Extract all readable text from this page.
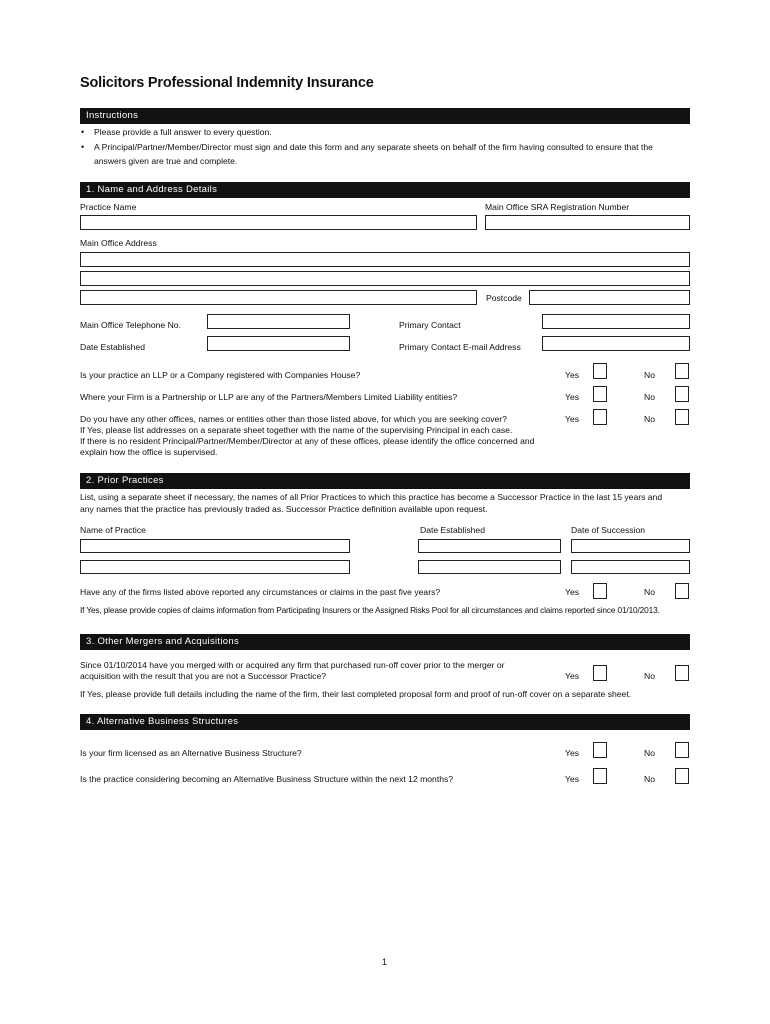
Solicitors Professional Indemnity Insurance
Instructions
• Please provide a full answer to every question.
• A Principal/Partner/Member/Director must sign and date this form and any separate sheets on behalf of the firm having consulted to ensure that the
answers given are true and complete.
1. Name and Address Details
Practice Name	Main Office SRA Registration Number
Main Office Address
Postcode
Main Office Telephone No.	Primary Contact
Date Established	Primary Contact E-mail Address
Is your practice an LLP or a Company registered with Companies House?	Yes	No
Where your Firm is a Partnership or LLP are any of the Partners/Members Limited Liability entities?	Yes	No
Do you have any other offices, names or entities other than those listed above, for which you are seeking cover?
If Yes, please list addresses on a separate sheet together with the name of the supervising Principal in each case.
If there is no resident Principal/Partner/Member/Director at any of these offices, please identify the office concerned and
explain how the office is supervised.
Yes	No
2. Prior Practices
List, using a separate sheet if necessary, the names of all Prior Practices to which this practice has become a Successor Practice in the last 15 years and
any names that the practice has previously traded as. Successor Practice definition available upon request.
Name of Practice	Date Established	Date of Succession
Have any of the firms listed above reported any circumstances or claims in the past five years?	Yes	No
If Yes, please provide copies of claims information from Participating Insurers or the Assigned Risks Pool for all circumstances and claims reported since 01/10/2013.
3. Other Mergers and Acquisitions
Since 01/10/2014 have you merged with or acquired any firm that purchased run-off cover prior to the merger or
acquisition with the result that you are not a Successor Practice?	Yes	No
If Yes, please provide full details including the name of the firm, their last completed proposal form and proof of run-off cover on a separate sheet.
4. Alternative Business Structures
Is your firm licensed as an Alternative Business Structure?	Yes	No
Is the practice considering becoming an Alternative Business Structure within the next 12 months?	Yes	No
1
